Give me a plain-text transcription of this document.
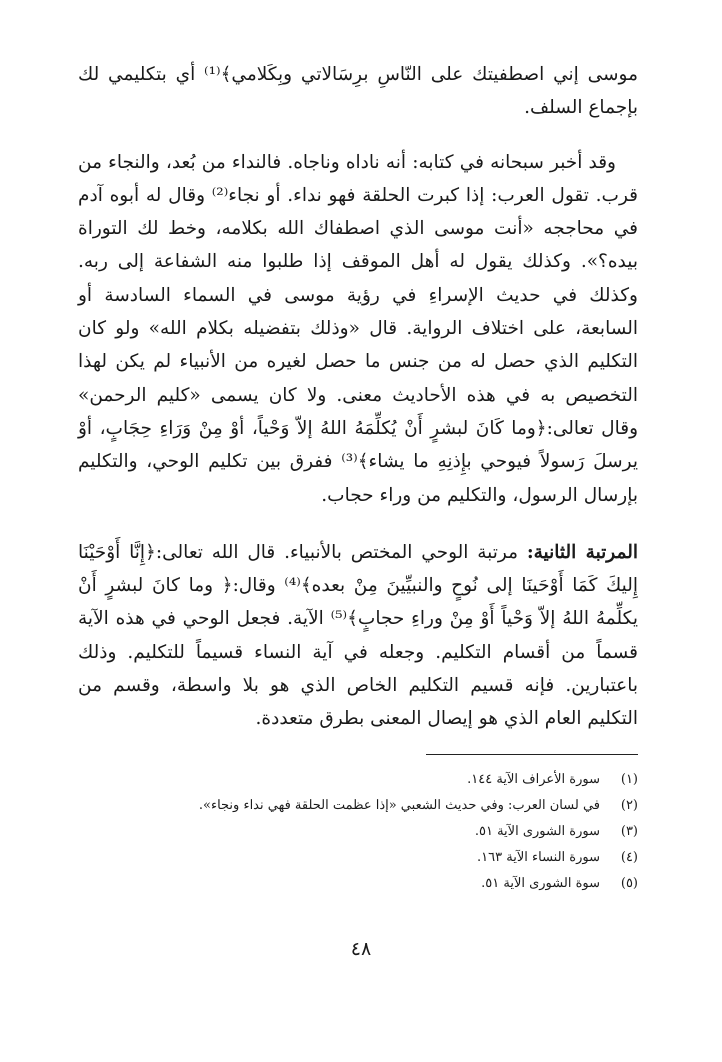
موسى إني اصطفيتك على النّاسِ برِسَالاتي وبِكَلامي﴾⁽¹⁾ أي بتكليمي لك بإجماع السلف.

وقد أخبر سبحانه في كتابه: أنه ناداه وناجاه. فالنداء من بُعد، والنجاء من قرب. تقول العرب: إذا كبرت الحلقة فهو نداء. أو نجاء⁽²⁾ وقال له أبوه آدم في محاججه «أنت موسى الذي اصطفاك الله بكلامه، وخط لك التوراة بيده؟». وكذلك يقول له أهل الموقف إذا طلبوا منه الشفاعة إلى ربه. وكذلك في حديث الإسراءِ في رؤية موسى في السماء السادسة أو السابعة، على اختلاف الرواية. قال «وذلك بتفضيله بكلام الله» ولو كان التكليم الذي حصل له من جنس ما حصل لغيره من الأنبياء لم يكن لهذا التخصيص به في هذه الأحاديث معنى. ولا كان يسمى «كليم الرحمن» وقال تعالى:﴿وما كَانَ لبشرٍ أَنْ يُكلِّمَهُ اللهُ إلاّ وَحْياً، أوْ مِنْ وَرَاءِ حِجَابٍ، أوْ يرسلَ رَسولاً فيوحي بإِذنِهِ ما يشاء﴾⁽³⁾ ففرق بين تكليم الوحي، والتكليم بإرسال الرسول، والتكليم من وراء حجاب.

المرتبة الثانية: مرتبة الوحي المختص بالأنبياء. قال الله تعالى:﴿إِنَّا أَوْحَيْنَا إِليكَ كَمَا أَوْحَينَا إلى نُوحٍ والنبيِّينَ مِنْ بعده﴾⁽⁴⁾ وقال:﴿ وما كانَ لبشرٍ أَنْ يكلِّمهُ اللهُ إلاّ وَحْياً أَوْ مِنْ وراءِ حجابٍ﴾⁽⁵⁾ الآية. فجعل الوحي في هذه الآية قسماً من أقسام التكليم. وجعله في آية النساء قسيماً للتكليم. وذلك باعتبارين. فإنه قسيم التكليم الخاص الذي هو بلا واسطة، وقسم من التكليم العام الذي هو إيصال المعنى بطرق متعددة.

(١)
سورة الأعراف الآية ١٤٤.
(٢)
في لسان العرب: وفي حديث الشعبي «إذا عظمت الحلقة فهي نداء ونجاء».
(٣)
سورة الشورى الآية ٥١.
(٤)
سورة النساء الآية ١٦٣.
(٥)
سوة الشورى الآية ٥١.
٤٨
